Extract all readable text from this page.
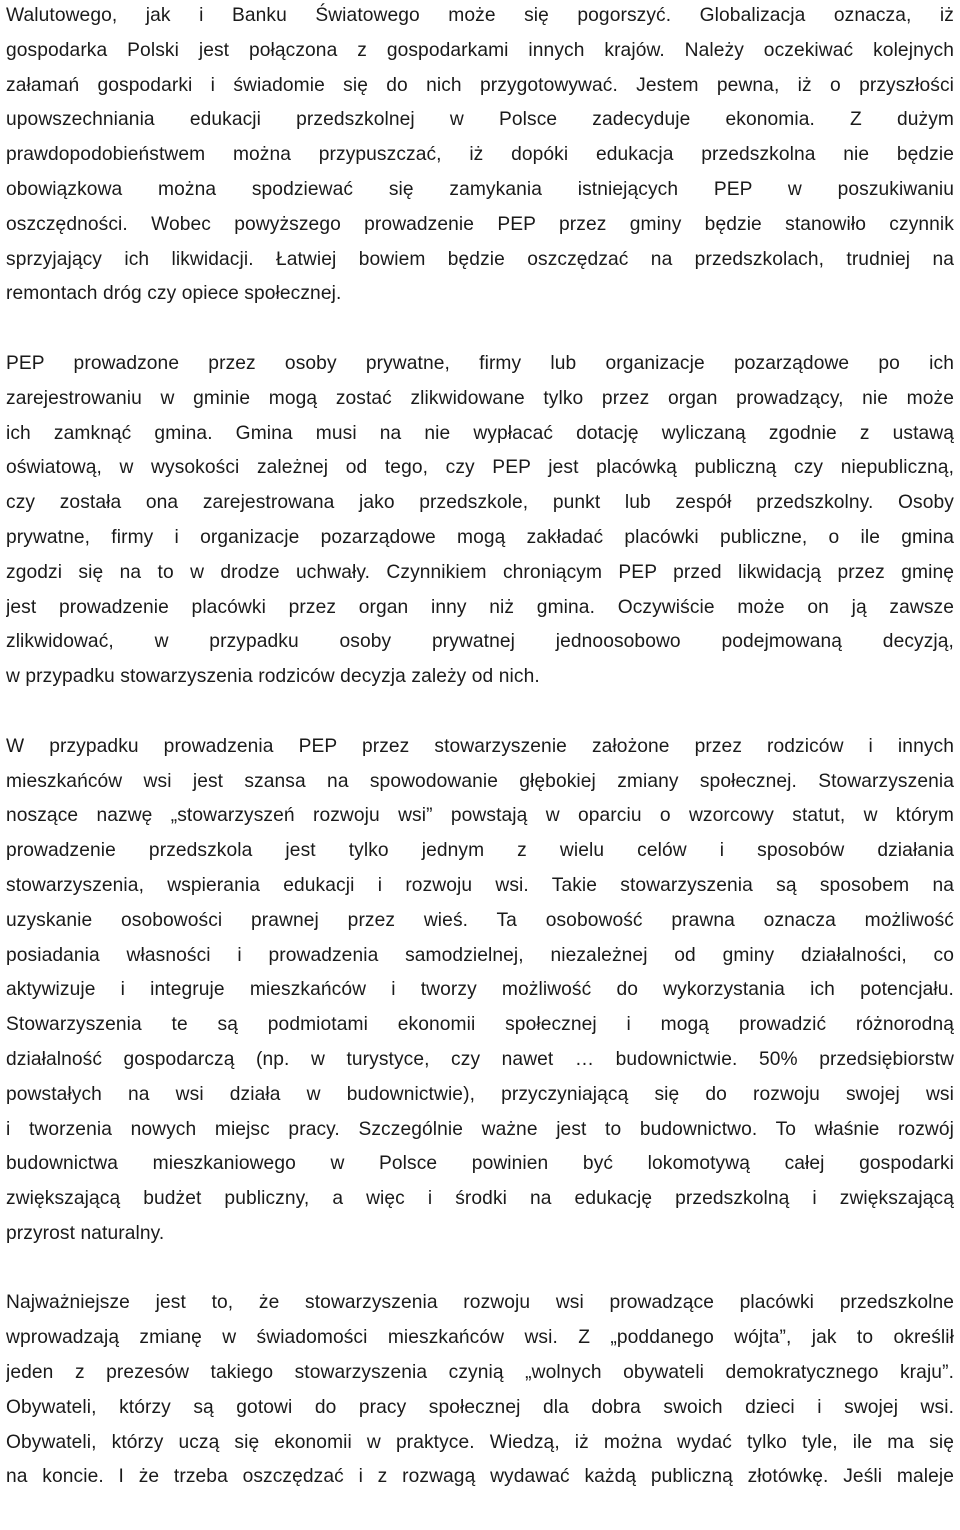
Walutowego, jak i Banku Światowego może się pogorszyć. Globalizacja oznacza, iż
gospodarka Polski jest połączona z gospodarkami innych krajów. Należy oczekiwać kolejnych
załamań gospodarki i świadomie się do nich przygotowywać. Jestem pewna, iż o przyszłości
upowszechniania edukacji przedszkolnej w Polsce zadecyduje ekonomia. Z dużym
prawdopodobieństwem można przypuszczać, iż dopóki edukacja przedszkolna nie będzie
obowiązkowa można spodziewać się zamykania istniejących PEP w poszukiwaniu
oszczędności. Wobec powyższego prowadzenie PEP przez gminy będzie stanowiło czynnik
sprzyjający ich likwidacji. Łatwiej bowiem będzie oszczędzać na przedszkolach, trudniej na
remontach dróg czy opiece społecznej.
PEP prowadzone przez osoby prywatne, firmy lub organizacje pozarządowe po ich
zarejestrowaniu w gminie mogą zostać zlikwidowane tylko przez organ prowadzący, nie może
ich zamknąć gmina. Gmina musi na nie wypłacać dotację wyliczaną zgodnie z ustawą
oświatową, w wysokości zależnej od tego, czy PEP jest placówką publiczną czy niepubliczną,
czy została ona zarejestrowana jako przedszkole, punkt lub zespół przedszkolny. Osoby
prywatne, firmy i organizacje pozarządowe mogą zakładać placówki publiczne, o ile gmina
zgodzi się na to w drodze uchwały. Czynnikiem chroniącym PEP przed likwidacją przez gminę
jest prowadzenie placówki przez organ inny niż gmina. Oczywiście może on ją zawsze
zlikwidować, w przypadku osoby prywatnej jednoosobowo podejmowaną decyzją,
w przypadku stowarzyszenia rodziców decyzja zależy od nich.
W przypadku prowadzenia PEP przez stowarzyszenie założone przez rodziców i innych
mieszkańców wsi jest szansa na spowodowanie głębokiej zmiany społecznej. Stowarzyszenia
noszące nazwę „stowarzyszeń rozwoju wsi” powstają w oparciu o wzorcowy statut, w którym
prowadzenie przedszkola jest tylko jednym z wielu celów i sposobów działania
stowarzyszenia, wspierania edukacji i rozwoju wsi. Takie stowarzyszenia są sposobem na
uzyskanie osobowości prawnej przez wieś. Ta osobowość prawna oznacza możliwość
posiadania własności i prowadzenia samodzielnej, niezależnej od gminy działalności, co
aktywizuje i integruje mieszkańców i tworzy możliwość do wykorzystania ich potencjału.
Stowarzyszenia te są podmiotami ekonomii społecznej i mogą prowadzić różnorodną
działalność gospodarczą (np. w turystyce, czy nawet … budownictwie. 50% przedsiębiorstw
powstałych na wsi działa w budownictwie), przyczyniającą się do rozwoju swojej wsi
i tworzenia nowych miejsc pracy. Szczególnie ważne jest to budownictwo. To właśnie rozwój
budownictwa mieszkaniowego w Polsce powinien być lokomotywą całej gospodarki
zwiększającą budżet publiczny, a więc i środki na edukację przedszkolną i zwiększającą
przyrost naturalny.
Najważniejsze jest to, że stowarzyszenia rozwoju wsi prowadzące placówki przedszkolne
wprowadzają zmianę w świadomości mieszkańców wsi. Z „poddanego wójta”, jak to określił
jeden z prezesów takiego stowarzyszenia czynią „wolnych obywateli demokratycznego kraju”.
Obywateli, którzy są gotowi do pracy społecznej dla dobra swoich dzieci i swojej wsi.
Obywateli, którzy uczą się ekonomii w praktyce. Wiedzą, iż można wydać tylko tyle, ile ma się
na koncie. I że trzeba oszczędzać i z rozwagą wydawać każdą publiczną złotówkę. Jeśli maleje
